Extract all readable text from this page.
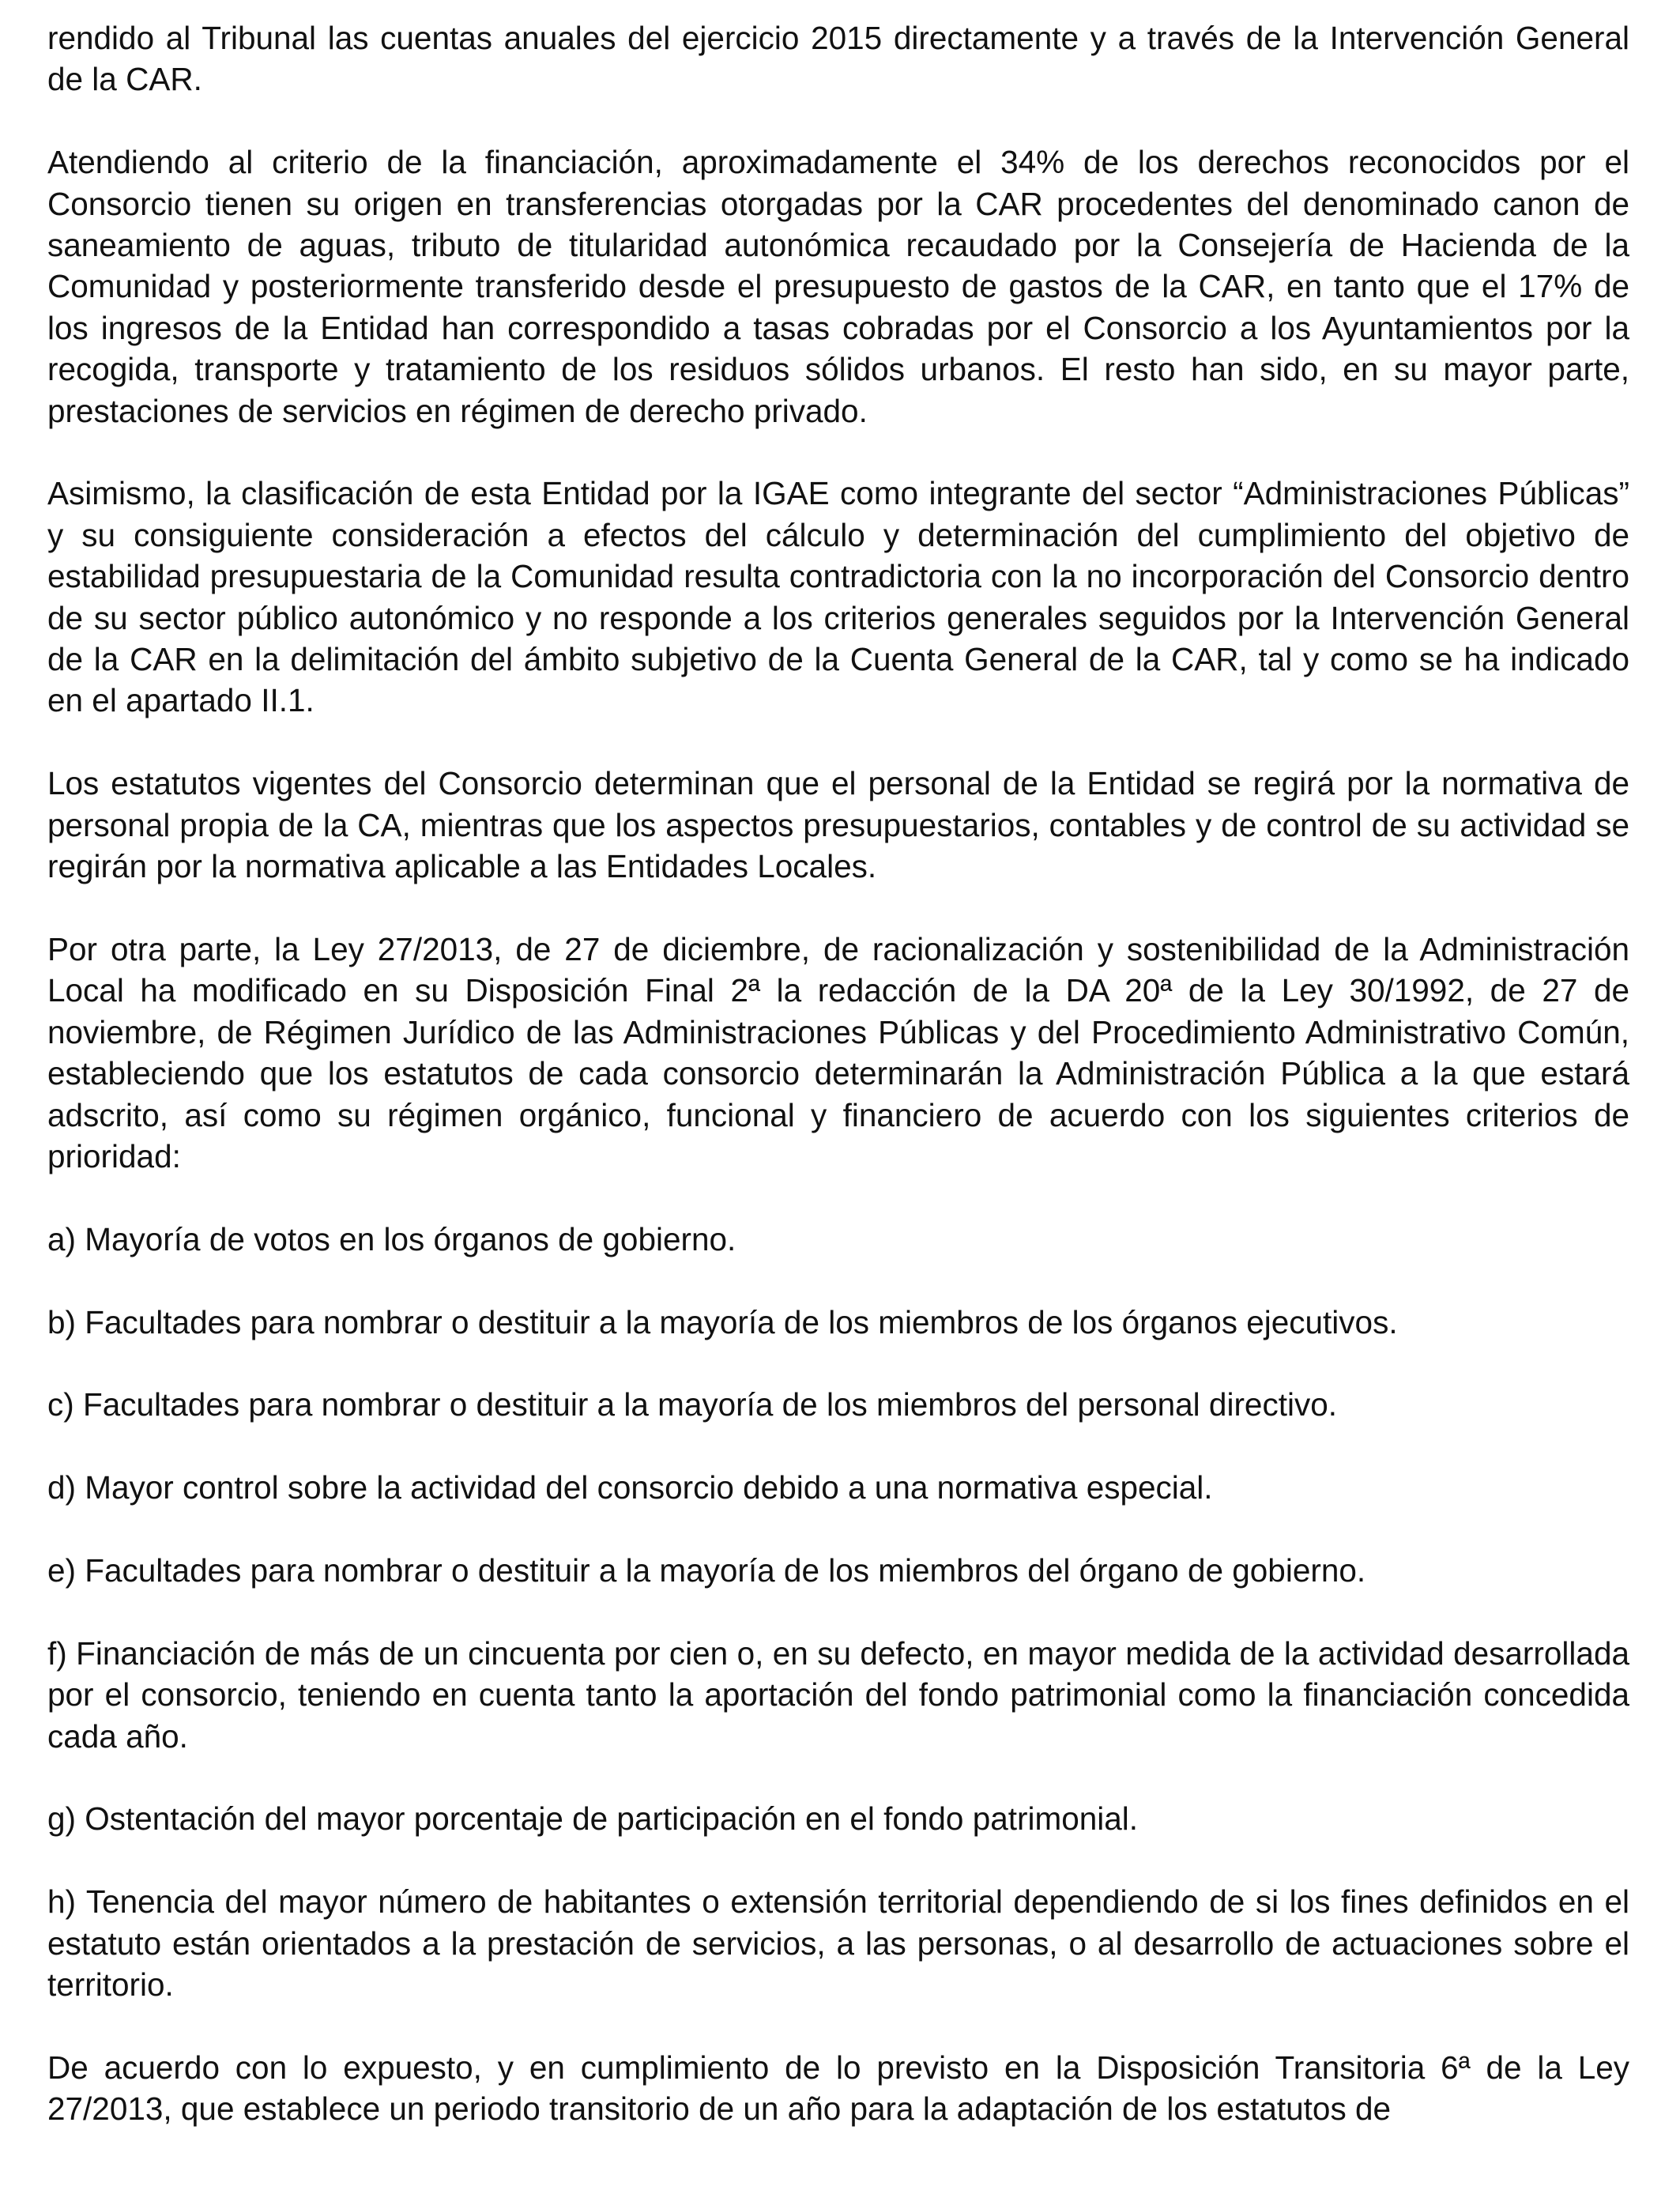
rendido al Tribunal las cuentas anuales del ejercicio 2015 directamente y a través de la Intervención General de la CAR.

Atendiendo al criterio de la financiación, aproximadamente el 34% de los derechos reconocidos por el Consorcio tienen su origen en transferencias otorgadas por la CAR procedentes del denominado canon de saneamiento de aguas, tributo de titularidad autonómica recaudado por la Consejería de Hacienda de la Comunidad y posteriormente transferido desde el presupuesto de gastos de la CAR, en tanto que el 17% de los ingresos de la Entidad han correspondido a tasas cobradas por el Consorcio a los Ayuntamientos por la recogida, transporte y tratamiento de los residuos sólidos urbanos. El resto han sido, en su mayor parte, prestaciones de servicios en régimen de derecho privado.

Asimismo, la clasificación de esta Entidad por la IGAE como integrante del sector “Administraciones Públicas” y su consiguiente consideración a efectos del cálculo y determinación del cumplimiento del objetivo de estabilidad presupuestaria de la Comunidad resulta contradictoria con la no incorporación del Consorcio dentro de su sector público autonómico y no responde a los criterios generales seguidos por la Intervención General de la CAR en la delimitación del ámbito subjetivo de la Cuenta General de la CAR, tal y como se ha indicado en el apartado II.1.

Los estatutos vigentes del Consorcio determinan que el personal de la Entidad se regirá por la normativa de personal propia de la CA, mientras que los aspectos presupuestarios, contables y de control de su actividad se regirán por la normativa aplicable a las Entidades Locales.

Por otra parte, la Ley 27/2013, de 27 de diciembre, de racionalización y sostenibilidad de la Administración Local ha modificado en su Disposición Final 2ª la redacción de la DA 20ª de la Ley 30/1992, de 27 de noviembre, de Régimen Jurídico de las Administraciones Públicas y del Procedimiento Administrativo Común, estableciendo que los estatutos de cada consorcio determinarán la Administración Pública a la que estará adscrito, así como su régimen orgánico, funcional y financiero de acuerdo con los siguientes criterios de prioridad:

a) Mayoría de votos en los órganos de gobierno.

b) Facultades para nombrar o destituir a la mayoría de los miembros de los órganos ejecutivos.

c) Facultades para nombrar o destituir a la mayoría de los miembros del personal directivo.

d) Mayor control sobre la actividad del consorcio debido a una normativa especial.

e) Facultades para nombrar o destituir a la mayoría de los miembros del órgano de gobierno.

f) Financiación de más de un cincuenta por cien o, en su defecto, en mayor medida de la actividad desarrollada por el consorcio, teniendo en cuenta tanto la aportación del fondo patrimonial como la financiación concedida cada año.

g) Ostentación del mayor porcentaje de participación en el fondo patrimonial.

h) Tenencia del mayor número de habitantes o extensión territorial dependiendo de si los fines definidos en el estatuto están orientados a la prestación de servicios, a las personas, o al desarrollo de actuaciones sobre el territorio.

De acuerdo con lo expuesto, y en cumplimiento de lo previsto en la Disposición Transitoria 6ª de la Ley 27/2013, que establece un periodo transitorio de un año para la adaptación de los estatutos de
